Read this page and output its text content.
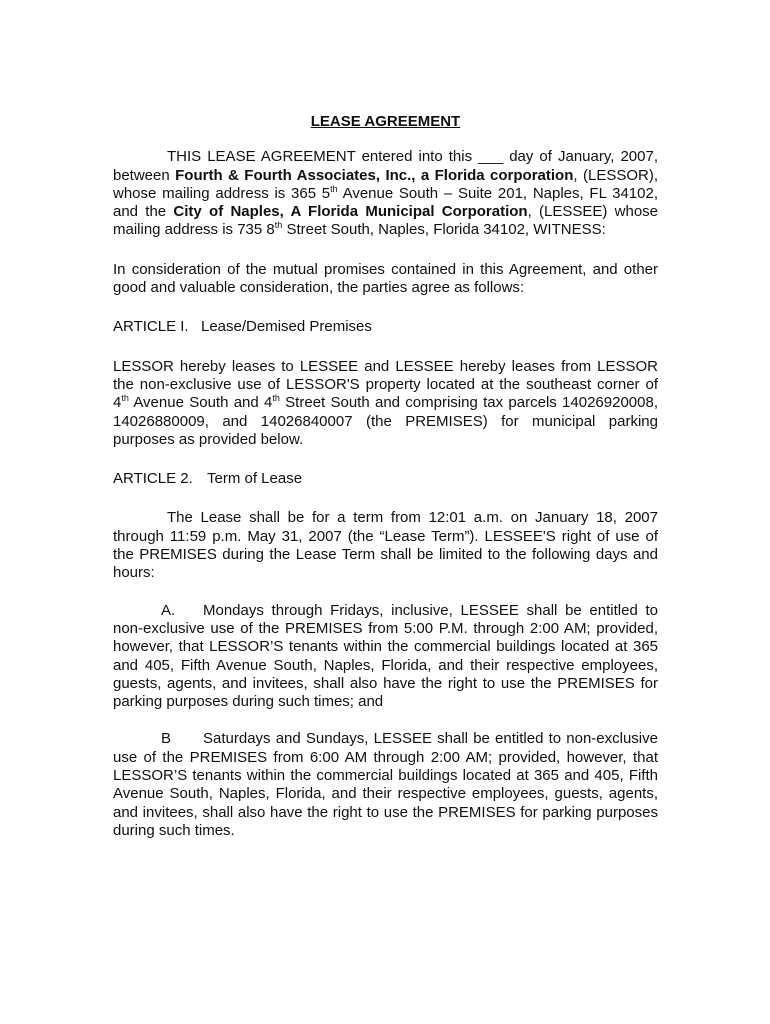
LEASE AGREEMENT

THIS LEASE AGREEMENT entered into this ___ day of January, 2007, between Fourth & Fourth Associates, Inc., a Florida corporation, (LESSOR), whose mailing address is 365 5th Avenue South – Suite 201, Naples, FL 34102, and the City of Naples, A Florida Municipal Corporation, (LESSEE) whose mailing address is 735 8th Street South, Naples, Florida 34102, WITNESS:

In consideration of the mutual promises contained in this Agreement, and other good and valuable consideration, the parties agree as follows:

ARTICLE I. Lease/Demised Premises

LESSOR hereby leases to LESSEE and LESSEE hereby leases from LESSOR the non-exclusive use of LESSOR'S property located at the southeast corner of 4th Avenue South and 4th Street South and comprising tax parcels 14026920008, 14026880009, and 14026840007 (the PREMISES) for municipal parking purposes as provided below.

ARTICLE 2. Term of Lease

The Lease shall be for a term from 12:01 a.m. on January 18, 2007 through 11:59 p.m. May 31, 2007 (the “Lease Term”). LESSEE'S right of use of the PREMISES during the Lease Term shall be limited to the following days and hours:

A. Mondays through Fridays, inclusive, LESSEE shall be entitled to non-exclusive use of the PREMISES from 5:00 P.M. through 2:00 AM; provided, however, that LESSOR’S tenants within the commercial buildings located at 365 and 405, Fifth Avenue South, Naples, Florida, and their respective employees, guests, agents, and invitees, shall also have the right to use the PREMISES for parking purposes during such times; and

B Saturdays and Sundays, LESSEE shall be entitled to non-exclusive use of the PREMISES from 6:00 AM through 2:00 AM; provided, however, that LESSOR’S tenants within the commercial buildings located at 365 and 405, Fifth Avenue South, Naples, Florida, and their respective employees, guests, agents, and invitees, shall also have the right to use the PREMISES for parking purposes during such times.
